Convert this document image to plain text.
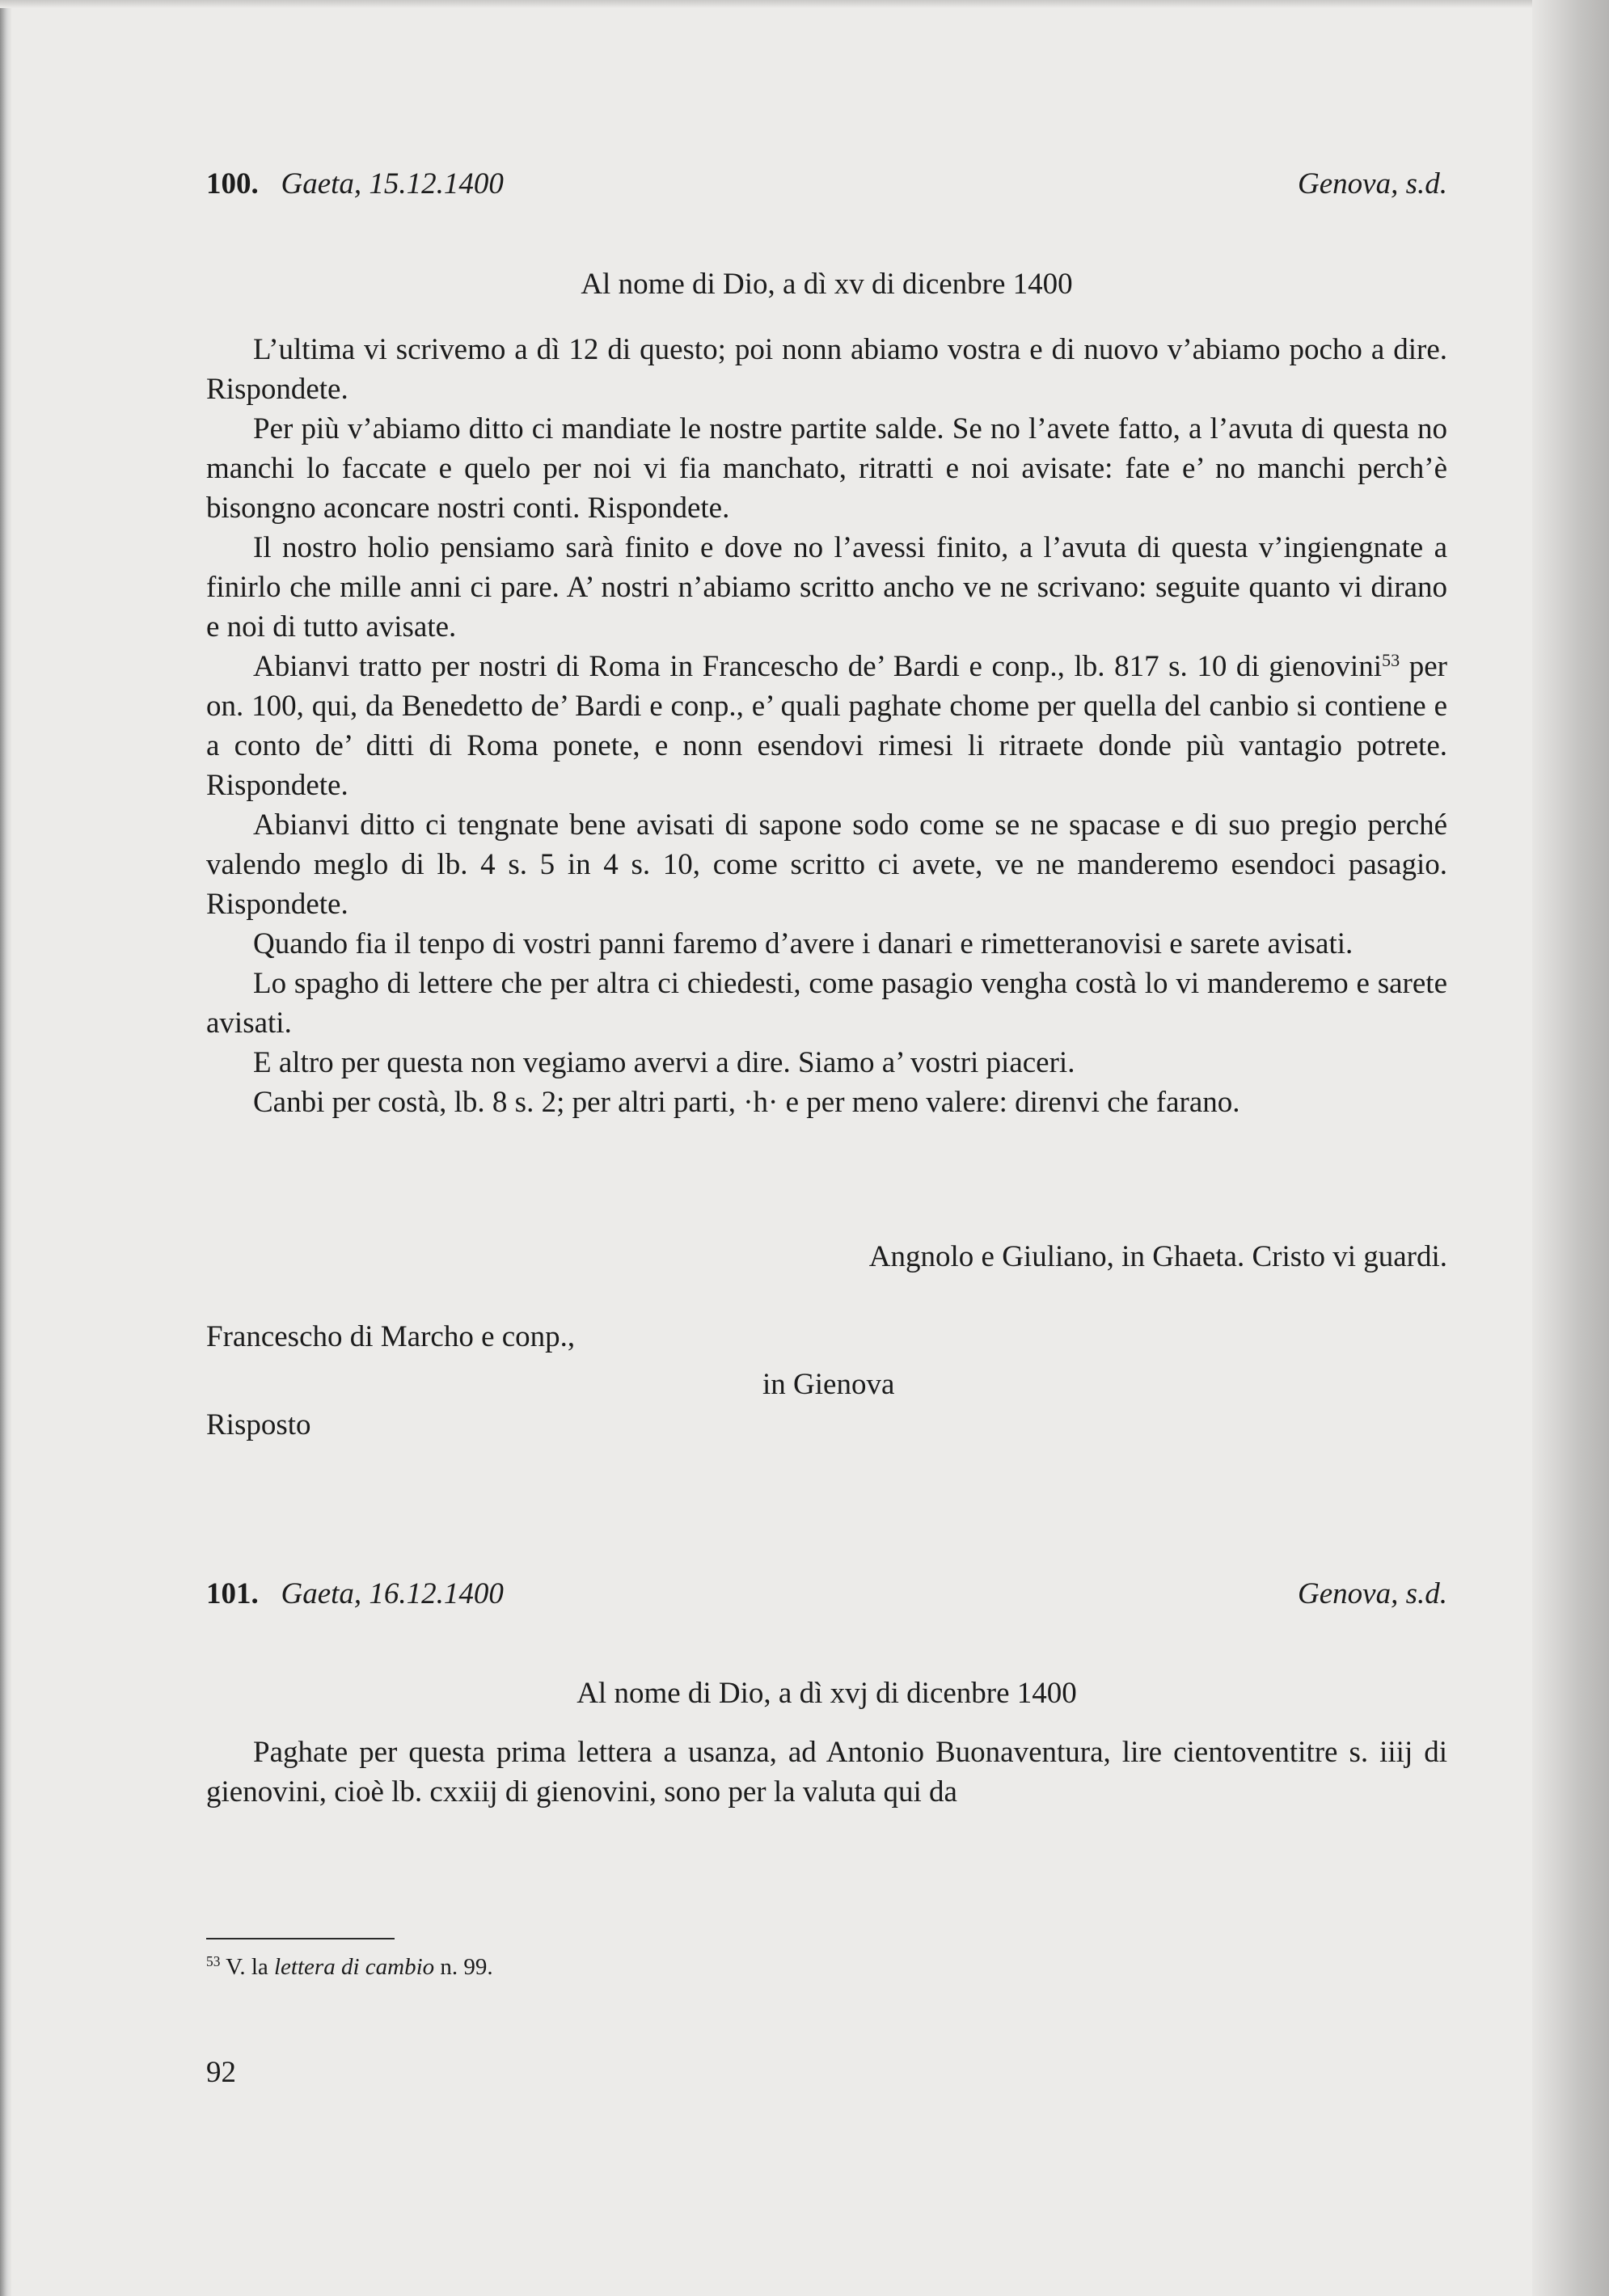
100. Gaeta, 15.12.1400	Genova, s.d.
Al nome di Dio, a dì xv di dicenbre 1400

L’ultima vi scrivemo a dì 12 di questo; poi nonn abiamo vostra e di nuovo v’abiamo pocho a dire. Rispondete.

Per più v’abiamo ditto ci mandiate le nostre partite salde. Se no l’avete fatto, a l’avuta di questa no manchi lo faccate e quelo per noi vi fia manchato, ritratti e noi avisate: fate e’ no manchi perch’è bisongno aconcare nostri conti. Rispondete.

Il nostro holio pensiamo sarà finito e dove no l’avessi finito, a l’avuta di questa v’ingiengnate a finirlo che mille anni ci pare. A’ nostri n’abiamo scritto ancho ve ne scrivano: seguite quanto vi dirano e noi di tutto avisate.

Abianvi tratto per nostri di Roma in Francescho de’ Bardi e conp., lb. 817 s. 10 di gienovini$^{53}$ per on. 100, qui, da Benedetto de’ Bardi e conp., e’ quali paghate chome per quella del canbio si contiene e a conto de’ ditti di Roma ponete, e nonn esendovi rimesi li ritraete donde più vantagio potrete. Rispondete.

Abianvi ditto ci tengnate bene avisati di sapone sodo come se ne spacase e di suo pregio perché valendo meglo di lb. 4 s. 5 in 4 s. 10, come scritto ci avete, ve ne manderemo esendoci pasagio. Rispondete.

Quando fia il tenpo di vostri panni faremo d’avere i danari e rimetteranovisi e sarete avisati.

Lo spagho di lettere che per altra ci chiedesti, come pasagio vengha costà lo vi manderemo e sarete avisati.

E altro per questa non vegiamo avervi a dire. Siamo a’ vostri piaceri.

Canbi per costà, lb. 8 s. 2; per altri parti, ·h· e per meno valere: direnvi che farano.

Angnolo e Giuliano, in Ghaeta. Cristo vi guardi.
Francescho di Marcho e conp.,
in Gienova
Risposto
101. Gaeta, 16.12.1400	Genova, s.d.
Al nome di Dio, a dì xvj di dicenbre 1400

Paghate per questa prima lettera a usanza, ad Antonio Buonaventura, lire cientoventitre s. iiij di gienovini, cioè lb. cxxiij di gienovini, sono per la valuta qui da

$^{53}$ V. la lettera di cambio n. 99.
92
